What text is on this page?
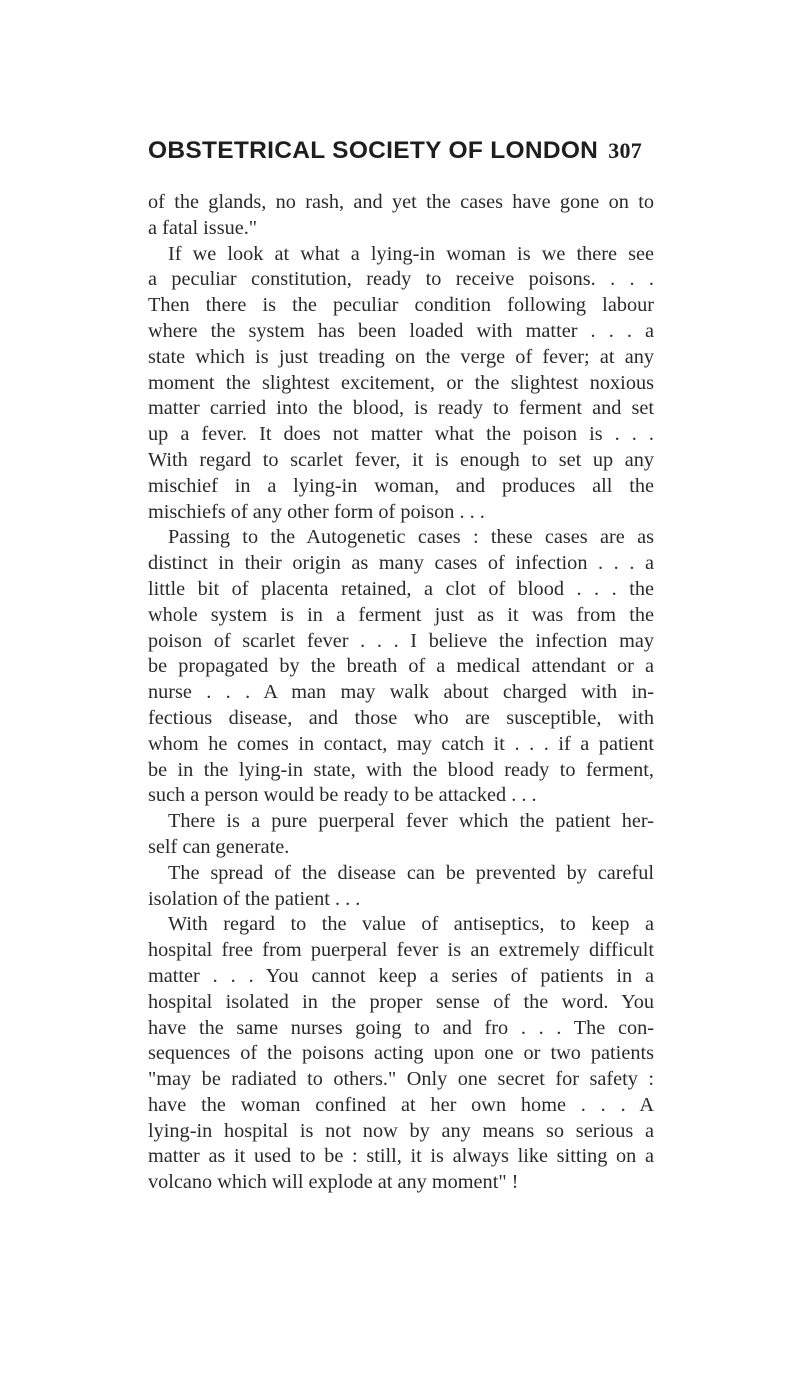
OBSTETRICAL SOCIETY OF LONDON 307
of the glands, no rash, and yet the cases have gone on to
a fatal issue."
If we look at what a lying-in woman is we there see
a peculiar constitution, ready to receive poisons. . . .
Then there is the peculiar condition following labour
where the system has been loaded with matter . . . a
state which is just treading on the verge of fever; at any
moment the slightest excitement, or the slightest noxious
matter carried into the blood, is ready to ferment and set
up a fever. It does not matter what the poison is . . .
With regard to scarlet fever, it is enough to set up any
mischief in a lying-in woman, and produces all the
mischiefs of any other form of poison . . .
Passing to the Autogenetic cases : these cases are as
distinct in their origin as many cases of infection . . . a
little bit of placenta retained, a clot of blood . . . the
whole system is in a ferment just as it was from the
poison of scarlet fever . . . I believe the infection may
be propagated by the breath of a medical attendant or a
nurse . . . A man may walk about charged with in-
fectious disease, and those who are susceptible, with
whom he comes in contact, may catch it . . . if a patient
be in the lying-in state, with the blood ready to ferment,
such a person would be ready to be attacked . . .
There is a pure puerperal fever which the patient her-
self can generate.
The spread of the disease can be prevented by careful
isolation of the patient . . .
With regard to the value of antiseptics, to keep a
hospital free from puerperal fever is an extremely difficult
matter . . . You cannot keep a series of patients in a
hospital isolated in the proper sense of the word. You
have the same nurses going to and fro . . . The con-
sequences of the poisons acting upon one or two patients
"may be radiated to others." Only one secret for safety :
have the woman confined at her own home . . . A
lying-in hospital is not now by any means so serious a
matter as it used to be : still, it is always like sitting on a
volcano which will explode at any moment" !
